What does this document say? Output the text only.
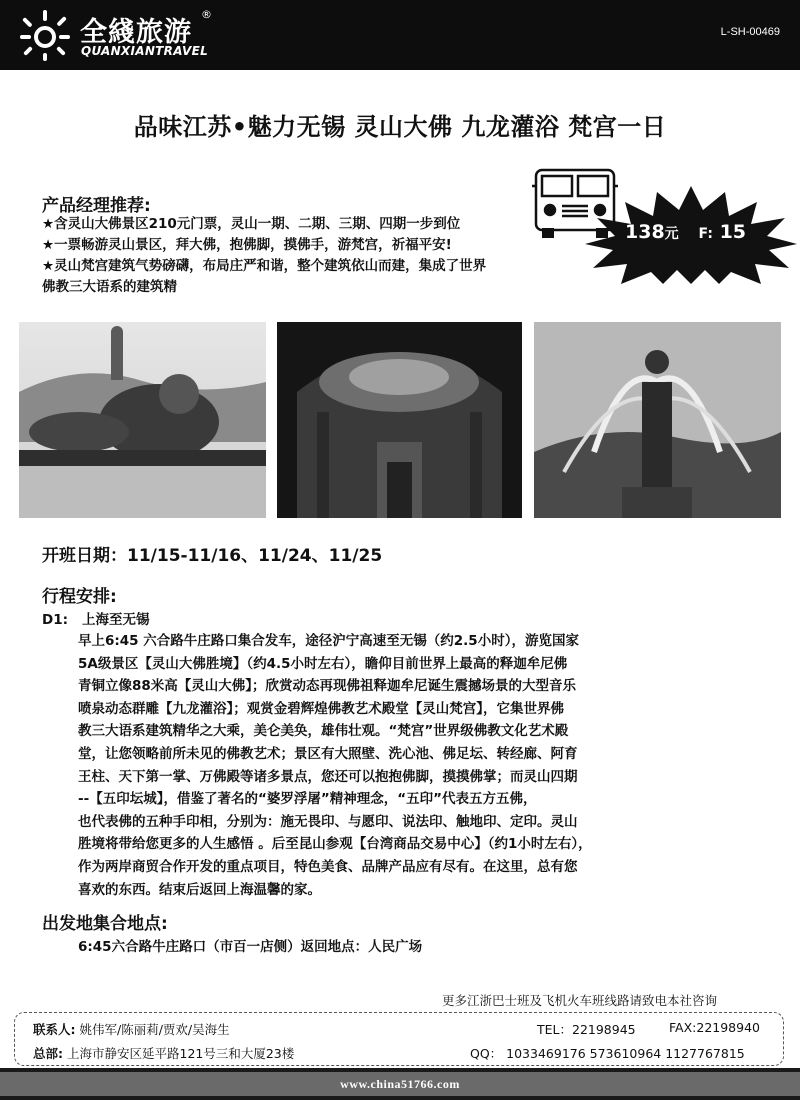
全綫旅游
®
QUANXIANTRAVEL
L-SH-00469
品味江苏•魅力无锡 灵山大佛 九龙灌浴 梵宫一日
产品经理推荐:
★含灵山大佛景区210元门票，灵山一期、二期、三期、四期一步到位
★一票畅游灵山景区，拜大佛，抱佛脚，摸佛手，游梵宫，祈福平安!
★灵山梵宫建筑气势磅礴，布局庄严和谐，整个建筑依山而建，集成了世界
佛教三大语系的建筑精
138元 F: 15
开班日期：11/15-11/16、11/24、11/25
行程安排:
D1: 上海至无锡
早上6:45 六合路牛庄路口集合发车，途径沪宁高速至无锡（约2.5小时），游览国家
5A级景区【灵山大佛胜境】（约4.5小时左右），瞻仰目前世界上最高的释迦牟尼佛
青铜立像88米高【灵山大佛】；欣赏动态再现佛祖释迦牟尼诞生震撼场景的大型音乐
喷泉动态群雕【九龙灌浴】；观赏金碧辉煌佛教艺术殿堂【灵山梵宫】，它集世界佛
教三大语系建筑精华之大乘，美仑美奂，雄伟壮观。“梵宫”世界级佛教文化艺术殿
堂，让您领略前所未见的佛教艺术；景区有大照壁、洗心池、佛足坛、转经廊、阿育
王柱、天下第一掌、万佛殿等诸多景点，您还可以抱抱佛脚，摸摸佛掌；而灵山四期
--【五印坛城】，借鉴了著名的“婆罗浮屠”精神理念，“五印”代表五方五佛，
也代表佛的五种手印相，分别为：施无畏印、与愿印、说法印、触地印、定印。灵山
胜境将带给您更多的人生感悟 。后至昆山参观【台湾商品交易中心】（约1小时左右），
作为两岸商贸合作开发的重点项目，特色美食、品牌产品应有尽有。在这里，总有您
喜欢的东西。结束后返回上海温馨的家。
出发地集合地点:
6:45六合路牛庄路口（市百一店侧）返回地点：人民广场
更多江浙巴士班及飞机火车班线路请致电本社咨询
联系人: 姚伟军/陈丽莉/贾欢/吴海生	TEL：22198945	FAX:22198940
总部: 上海市静安区延平路121号三和大厦23楼	QQ： 1033469176 573610964 1127767815
www.china51766.com
